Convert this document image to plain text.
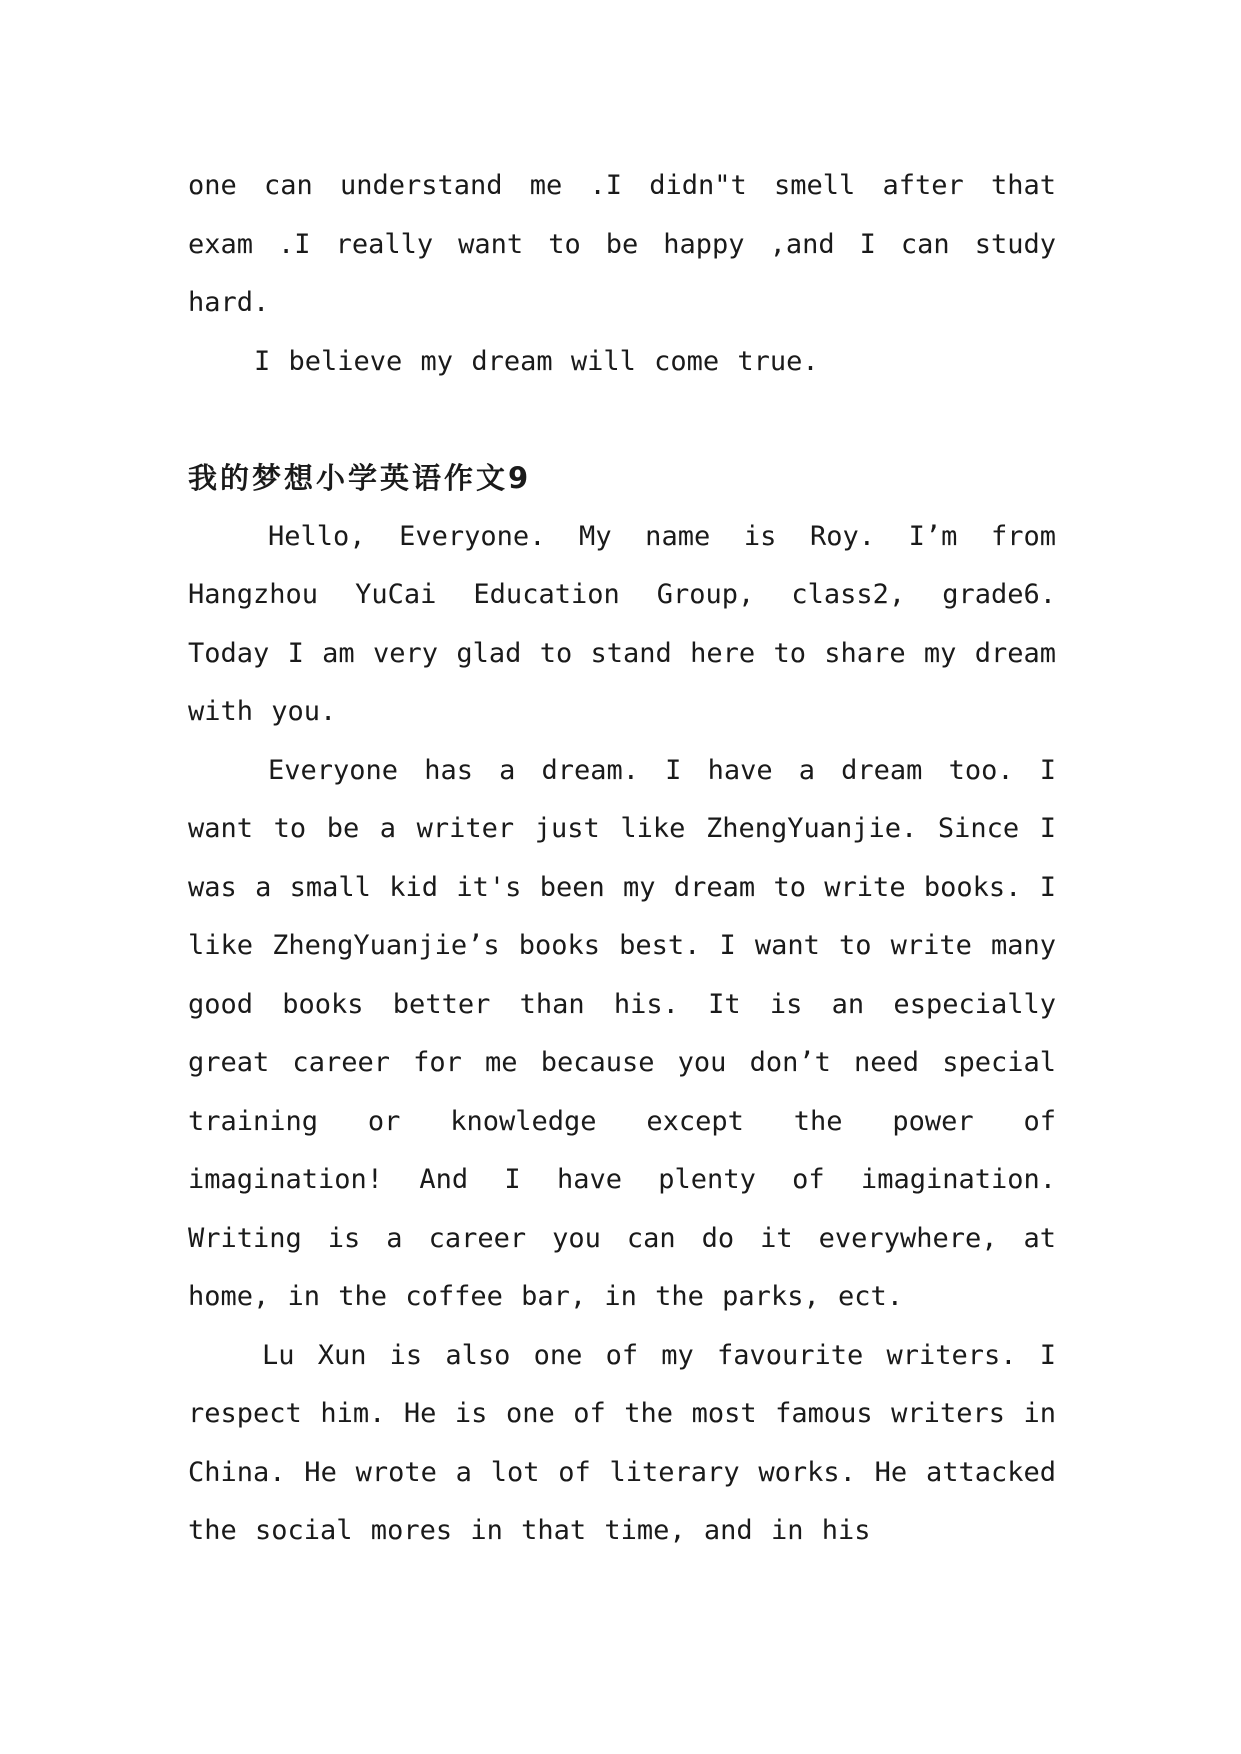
one can understand me .I didn"t smell after that exam .I really want to be happy ,and I can study hard.

I believe my dream will come true.

我的梦想小学英语作文9

Hello, Everyone. My name is Roy. I’m from Hangzhou YuCai Education Group, class2, grade6. Today I am very glad to stand here to share my dream with you.

Everyone has a dream. I have a dream too. I want to be a writer just like ZhengYuanjie. Since I was a small kid it's been my dream to write books. I like ZhengYuanjie’s books best. I want to write many good books better than his. It is an especially great career for me because you don’t need special training or knowledge except the power of imagination! And I have plenty of imagination. Writing is a career you can do it everywhere, at home, in the coffee bar, in the parks, ect.

Lu Xun is also one of my favourite writers. I respect him. He is one of the most famous writers in China. He wrote a lot of literary works. He attacked the social mores in that time, and in his
